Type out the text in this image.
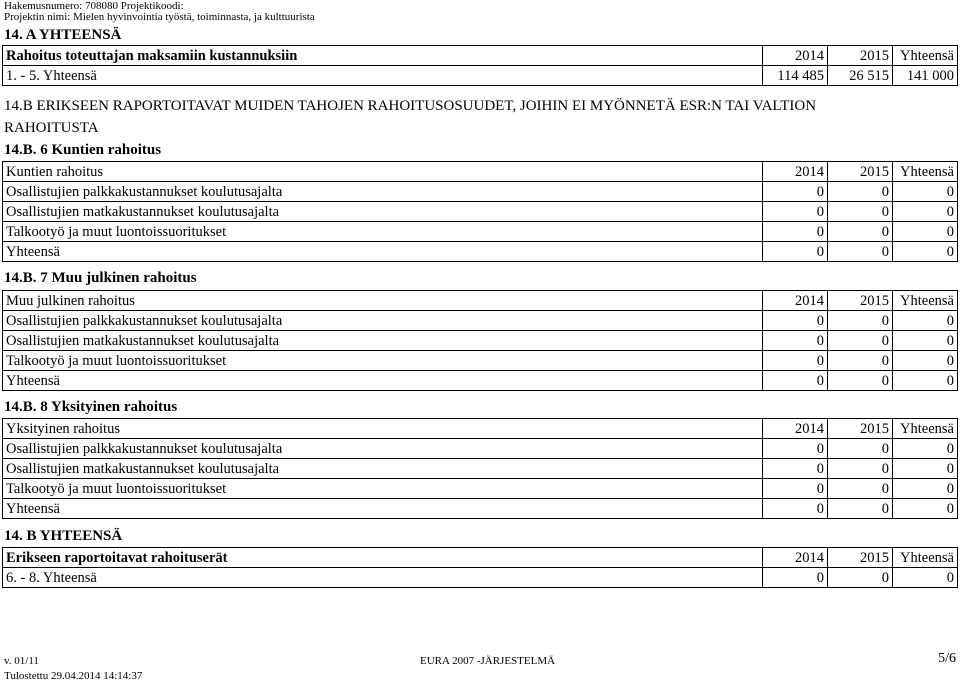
Hakemusnumero: 708080 Projektikoodi:
Projektin nimi: Mielen hyvinvointia työstä, toiminnasta, ja kulttuurista
14. A YHTEENSÄ
Rahoitus toteuttajan maksamiin kustannuksiin	2014	2015	Yhteensä
1. - 5. Yhteensä	114 485	26 515	141 000
14.B ERIKSEEN RAPORTOITAVAT MUIDEN TAHOJEN RAHOITUSOSUUDET, JOIHIN EI MYÖNNETÄ ESR:N TAI VALTION
RAHOITUSTA
14.B. 6 Kuntien rahoitus
Kuntien rahoitus	2014	2015	Yhteensä
Osallistujien palkkakustannukset koulutusajalta	0	0	0
Osallistujien matkakustannukset koulutusajalta	0	0	0
Talkootyö ja muut luontoissuoritukset	0	0	0
Yhteensä	0	0	0
14.B. 7 Muu julkinen rahoitus
Muu julkinen rahoitus	2014	2015	Yhteensä
Osallistujien palkkakustannukset koulutusajalta	0	0	0
Osallistujien matkakustannukset koulutusajalta	0	0	0
Talkootyö ja muut luontoissuoritukset	0	0	0
Yhteensä	0	0	0
14.B. 8 Yksityinen rahoitus
Yksityinen rahoitus	2014	2015	Yhteensä
Osallistujien palkkakustannukset koulutusajalta	0	0	0
Osallistujien matkakustannukset koulutusajalta	0	0	0
Talkootyö ja muut luontoissuoritukset	0	0	0
Yhteensä	0	0	0
14. B YHTEENSÄ
Erikseen raportoitavat rahoituserät	2014	2015	Yhteensä
6. - 8. Yhteensä	0	0	0
v. 01/11	EURA 2007 -JÄRJESTELMÄ	5/6
Tulostettu 29.04.2014 14:14:37
